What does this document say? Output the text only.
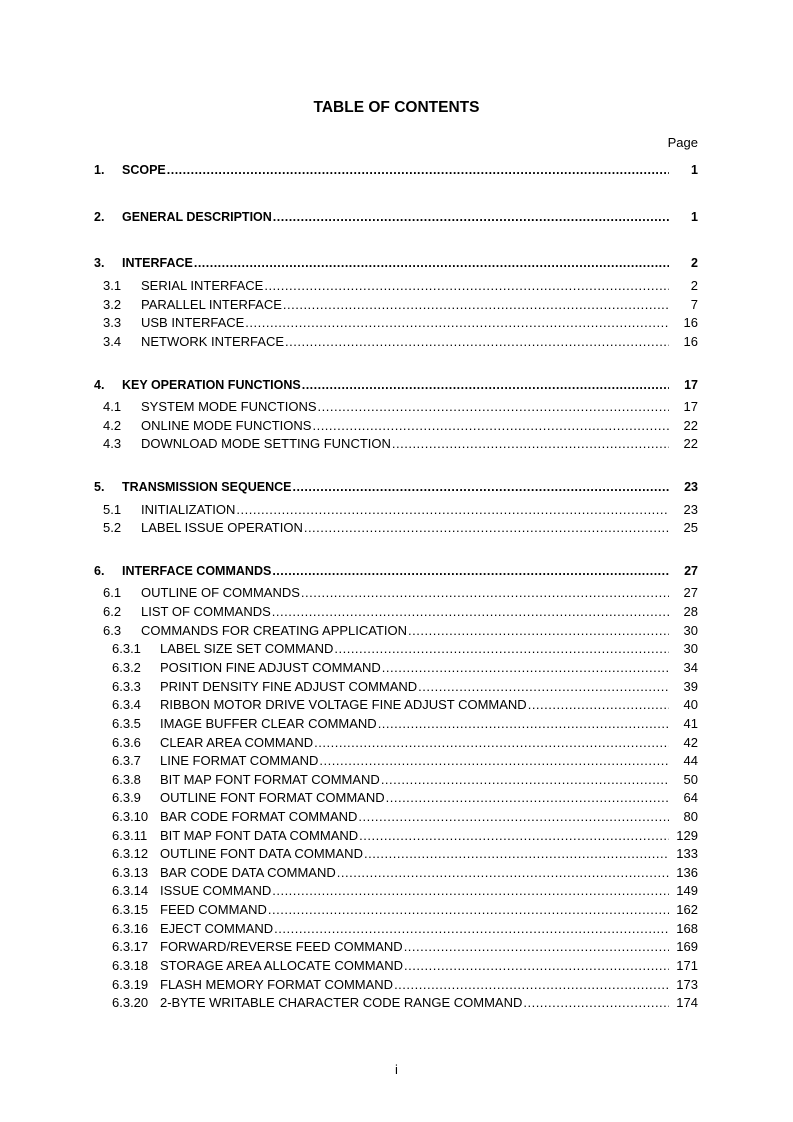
TABLE OF CONTENTS
Page
1. SCOPE .....	1
2. GENERAL DESCRIPTION .....	1
3. INTERFACE .....	2
3.1 SERIAL INTERFACE .....	2
3.2 PARALLEL INTERFACE .....	7
3.3 USB INTERFACE .....	16
3.4 NETWORK INTERFACE .....	16
4. KEY OPERATION FUNCTIONS .....	17
4.1 SYSTEM MODE FUNCTIONS .....	17
4.2 ONLINE MODE FUNCTIONS .....	22
4.3 DOWNLOAD MODE SETTING FUNCTION .....	22
5. TRANSMISSION SEQUENCE .....	23
5.1 INITIALIZATION .....	23
5.2 LABEL ISSUE OPERATION .....	25
6. INTERFACE COMMANDS .....	27
6.1 OUTLINE OF COMMANDS .....	27
6.2 LIST OF COMMANDS .....	28
6.3 COMMANDS FOR CREATING APPLICATION .....	30
6.3.1 LABEL SIZE SET COMMAND .....	30
6.3.2 POSITION FINE ADJUST COMMAND .....	34
6.3.3 PRINT DENSITY FINE ADJUST COMMAND .....	39
6.3.4 RIBBON MOTOR DRIVE VOLTAGE FINE ADJUST COMMAND .....	40
6.3.5 IMAGE BUFFER CLEAR COMMAND .....	41
6.3.6 CLEAR AREA COMMAND .....	42
6.3.7 LINE FORMAT COMMAND .....	44
6.3.8 BIT MAP FONT FORMAT COMMAND .....	50
6.3.9 OUTLINE FONT FORMAT COMMAND .....	64
6.3.10 BAR CODE FORMAT COMMAND .....	80
6.3.11 BIT MAP FONT DATA COMMAND .....	129
6.3.12 OUTLINE FONT DATA COMMAND .....	133
6.3.13 BAR CODE DATA COMMAND .....	136
6.3.14 ISSUE COMMAND .....	149
6.3.15 FEED COMMAND .....	162
6.3.16 EJECT COMMAND .....	168
6.3.17 FORWARD/REVERSE FEED COMMAND .....	169
6.3.18 STORAGE AREA ALLOCATE COMMAND .....	171
6.3.19 FLASH MEMORY FORMAT COMMAND .....	173
6.3.20 2-BYTE WRITABLE CHARACTER CODE RANGE COMMAND .....	174
i
